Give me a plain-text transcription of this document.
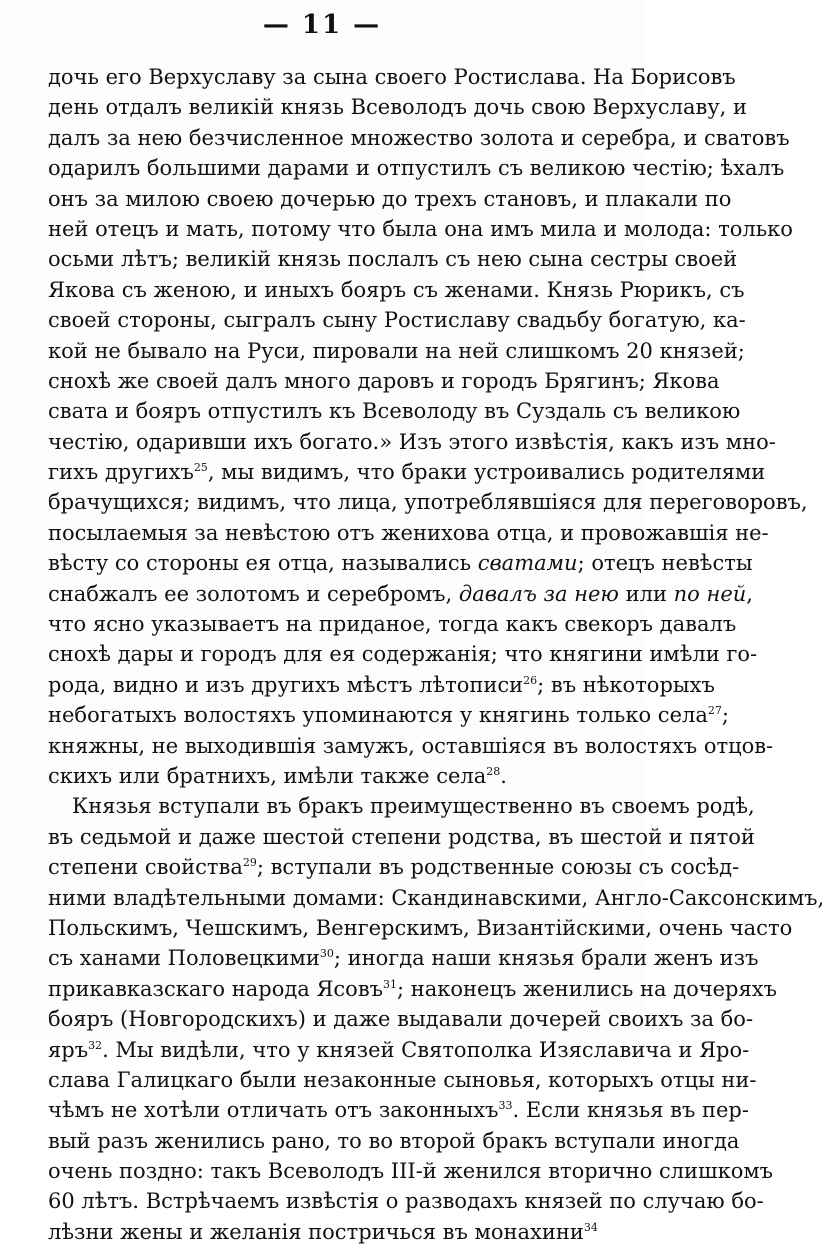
— 11 —
дочь его Верхуславу за сына своего Ростислава. На Борисовъ
день отдалъ великій князь Всеволодъ дочь свою Верхуславу, и
далъ за нею безчисленное множество золота и серебра, и сватовъ
одарилъ большими дарами и отпустилъ съ великою честію; ѣхалъ
онъ за милою своею дочерью до трехъ становъ, и плакали по
ней отецъ и мать, потому что была она имъ мила и молода: только
осьми лѣтъ; великій князь послалъ съ нею сына сестры своей
Якова съ женою, и иныхъ бояръ съ женами. Князь Рюрикъ, съ
своей стороны, сыгралъ сыну Ростиславу свадьбу богатую, ка-
кой не бывало на Руси, пировали на ней слишкомъ 20 князей;
снохѣ же своей далъ много даровъ и городъ Брягинъ; Якова
свата и бояръ отпустилъ къ Всеволоду въ Суздаль съ великою
честію, одаривши ихъ богато.» Изъ этого извѣстія, какъ изъ мно-
гихъ другихъ$^{25}$, мы видимъ, что браки устроивались родителями
брачущихся; видимъ, что лица, употреблявшіяся для переговоровъ,
посылаемыя за невѣстою отъ женихова отца, и провожавшія не-
вѣсту со стороны ея отца, назывались сватами; отецъ невѣсты
снабжалъ ее золотомъ и серебромъ, давалъ за нею или по ней,
что ясно указываетъ на приданое, тогда какъ свекоръ давалъ
снохѣ дары и городъ для ея содержанія; что княгини имѣли го-
рода, видно и изъ другихъ мѣстъ лѣтописи$^{26}$; въ нѣкоторыхъ
небогатыхъ волостяхъ упоминаются у княгинь только села$^{27}$;
княжны, не выходившія замужъ, оставшіяся въ волостяхъ отцов-
скихъ или братнихъ, имѣли также села$^{28}$.
Князья вступали въ бракъ преимущественно въ своемъ родѣ,
въ седьмой и даже шестой степени родства, въ шестой и пятой
степени свойства$^{29}$; вступали въ родственные союзы съ сосѣд-
ними владѣтельными домами: Скандинавскими, Англо-Саксонскимъ,
Польскимъ, Чешскимъ, Венгерскимъ, Византійскими, очень часто
съ ханами Половецкими$^{30}$; иногда наши князья брали женъ изъ
прикавказскаго народа Ясовъ$^{31}$; наконецъ женились на дочеряхъ
бояръ (Новгородскихъ) и даже выдавали дочерей своихъ за бо-
яръ$^{32}$. Мы видѣли, что у князей Святополка Изяславича и Яро-
слава Галицкаго были незаконные сыновья, которыхъ отцы ни-
чѣмъ не хотѣли отличать отъ законныхъ$^{33}$. Если князья въ пер-
вый разъ женились рано, то во второй бракъ вступали иногда
очень поздно: такъ Всеволодъ III-й женился вторично слишкомъ
60 лѣтъ. Встрѣчаемъ извѣстія о разводахъ князей по случаю бо-
лѣзни жены и желанія постричься въ монахини$^{34}$
